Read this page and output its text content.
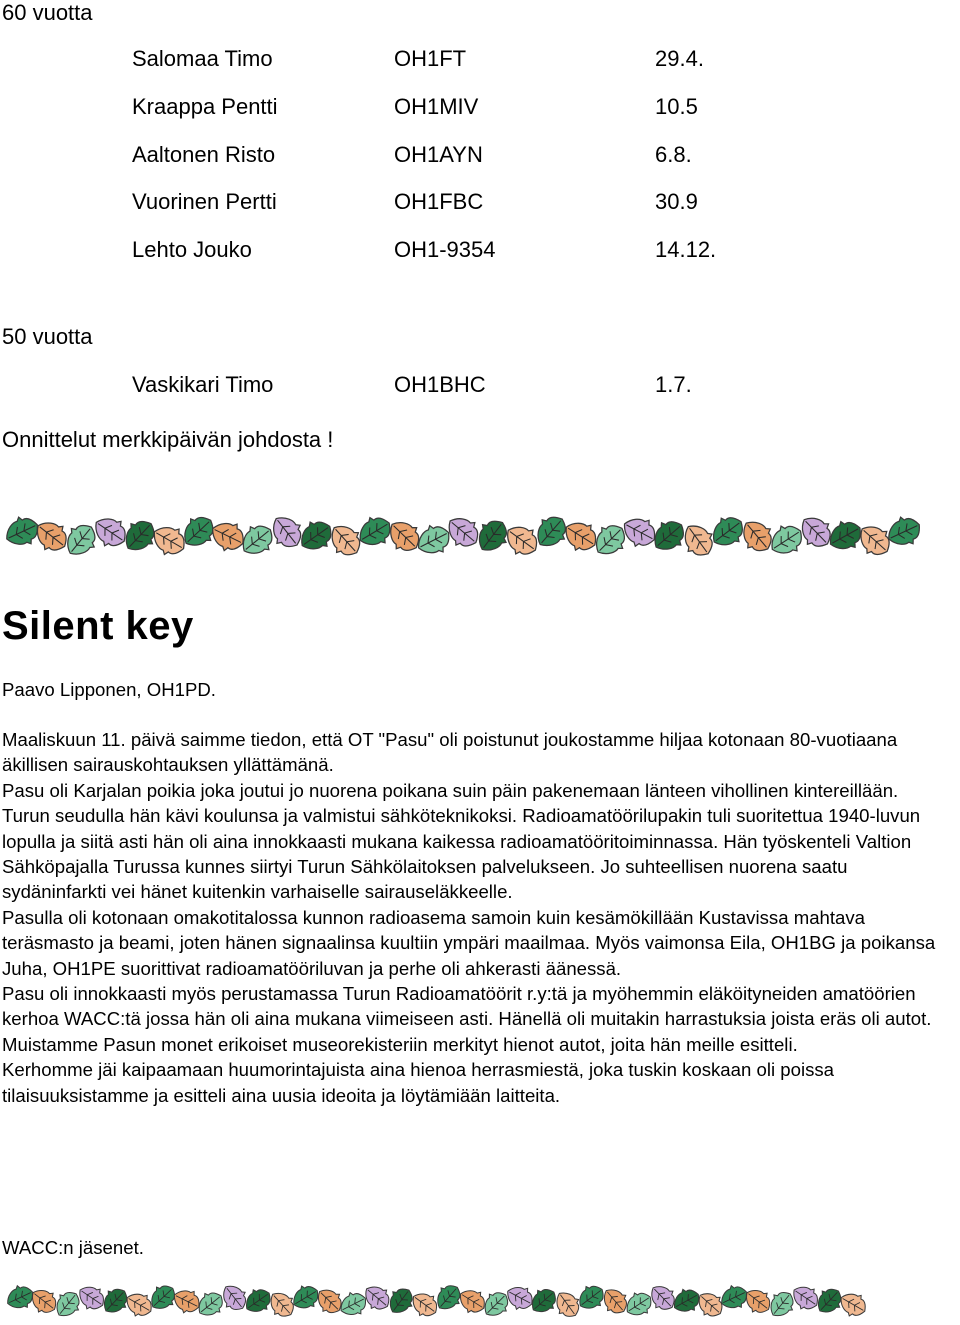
60 vuotta
Salomaa Timo	OH1FT	29.4.
Kraappa Pentti	OH1MIV	10.5
Aaltonen Risto	OH1AYN	6.8.
Vuorinen Pertti	OH1FBC	30.9
Lehto Jouko	OH1-9354	14.12.
50 vuotta
Vaskikari Timo	OH1BHC	1.7.
Onnittelut merkkipäivän johdosta !
Silent key
Paavo Lipponen, OH1PD.

Maaliskuun 11. päivä saimme tiedon, että OT "Pasu" oli poistunut joukostamme hiljaa kotonaan 80-vuotiaana äkillisen sairauskohtauksen yllättämänä.

Pasu oli Karjalan poikia joka joutui jo nuorena poikana suin päin pakenemaan länteen vihollinen kintereillään.

Turun seudulla hän kävi koulunsa ja valmistui sähköteknikoksi. Radioamatöörilupakin tuli suoritettua 1940-luvun lopulla ja siitä asti hän oli aina innokkaasti mukana kaikessa radioamatööritoiminnassa. Hän työskenteli Valtion Sähköpajalla Turussa kunnes siirtyi Turun Sähkölaitoksen palvelukseen. Jo suhteellisen nuorena saatu sydäninfarkti vei hänet kuitenkin varhaiselle sairauseläkkeelle.

Pasulla oli kotonaan omakotitalossa kunnon radioasema samoin kuin kesämökillään Kustavissa mahtava teräsmasto ja beami, joten hänen signaalinsa kuultiin ympäri maailmaa. Myös vaimonsa Eila, OH1BG ja poikansa Juha, OH1PE suorittivat radioamatööriluvan ja perhe oli ahkerasti äänessä.

Pasu oli innokkaasti myös perustamassa Turun Radioamatöörit r.y:tä ja myöhemmin eläköityneiden amatöörien kerhoa WACC:tä jossa hän oli aina mukana viimeiseen asti. Hänellä oli muitakin harrastuksia joista eräs oli autot. Muistamme Pasun monet erikoiset museorekisteriin merkityt hienot autot, joita hän meille esitteli.

Kerhomme jäi kaipaamaan huumorintajuista aina hienoa herrasmiestä, joka tuskin koskaan oli poissa tilaisuuksistamme ja esitteli aina uusia ideoita ja löytämiään laitteita.

WACC:n jäsenet.
